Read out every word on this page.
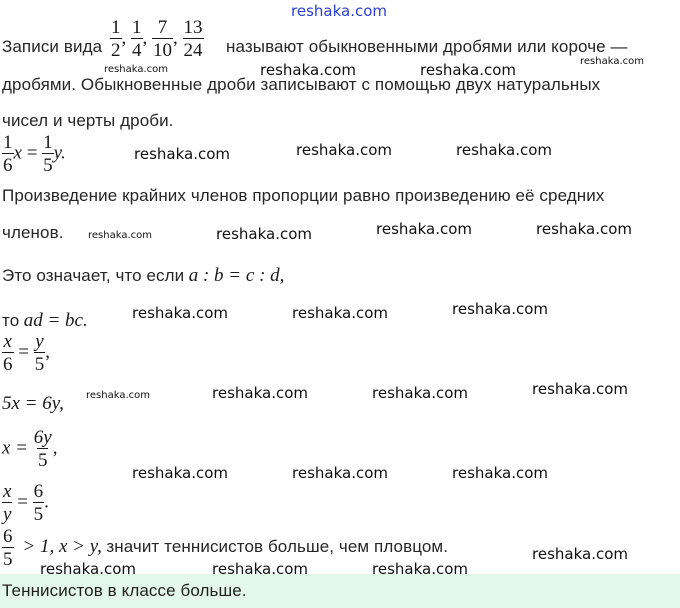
reshaka.com
Записи вида $\frac{1}{2}$ , $\frac{1}{4}$ , $\frac{7}{10}$ , $\frac{13}{24}$ называют обыкновенными дробями или короче —
дробями. Обыкновенные дроби записывают с помощью двух натуральных
чисел и черты дроби.
$\frac{1}{6}$ $x = \frac{1}{5} y$.
Произведение крайних членов пропорции равно произведению её средних
членов.
Это означает, что если a : b = c : d,
то ad = bc.
$\frac{x}{6} = \frac{y}{5}$ ,
5x = 6y,
$x = \frac{6y}{5}$ ,
$\frac{x}{y} = \frac{6}{5}$ .
$\frac{6}{5} > 1$, x > y, значит теннисистов больше, чем пловцом.
Теннисистов в классе больше.
reshaka.com	reshaka.com	reshaka.com	reshaka.com
reshaka.com	reshaka.com	reshaka.com
reshaka.com	reshaka.com	reshaka.com	reshaka.com
reshaka.com	reshaka.com	reshaka.com
reshaka.com	reshaka.com	reshaka.com	reshaka.com
reshaka.com	reshaka.com	reshaka.com
reshaka.com
reshaka.com	reshaka.com	reshaka.com
